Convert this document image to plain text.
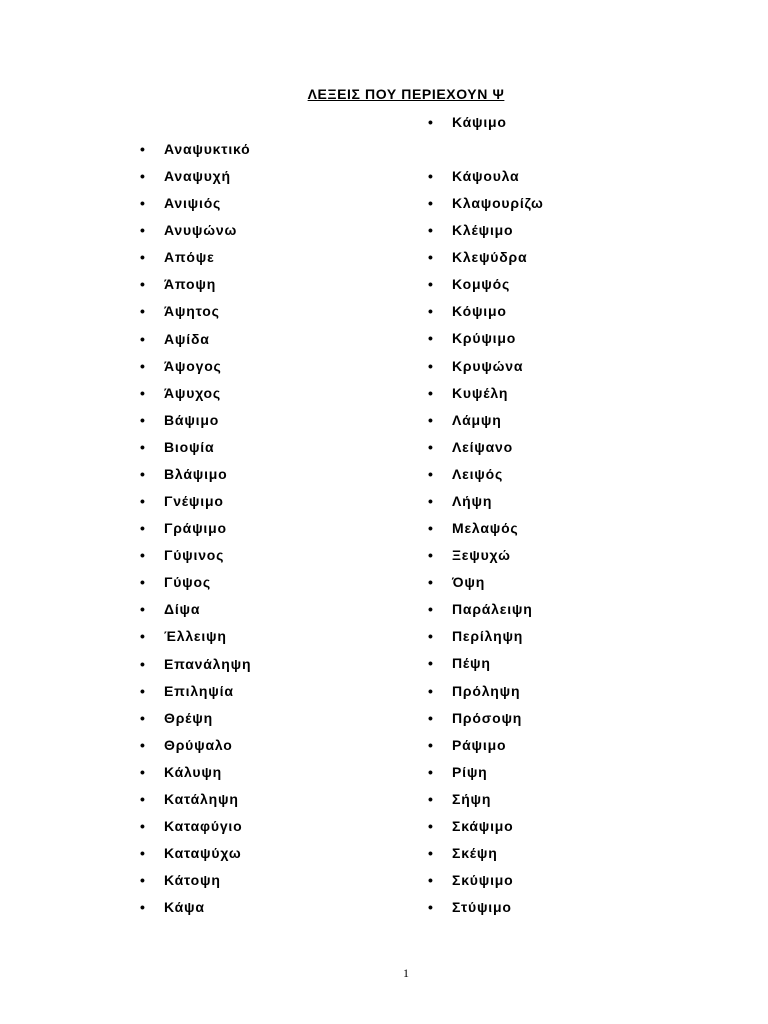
ΛΕΞΕΙΣ ΠΟΥ ΠΕΡΙΕΧΟΥΝ Ψ
• Αναψυκτικό
• Αναψυχή
• Ανιψιός
• Ανυψώνω
• Απόψε
• Άποψη
• Άψητος
• Αψίδα
• Άψογος
• Άψυχος
• Βάψιμο
• Βιοψία
• Βλάψιμο
• Γνέψιμο
• Γράψιμο
• Γύψινος
• Γύψος
• Δίψα
• Έλλειψη
• Επανάληψη
• Επιληψία
• Θρέψη
• Θρύψαλο
• Κάλυψη
• Κατάληψη
• Καταφύγιο
• Καταψύχω
• Κάτοψη
• Κάψα
• Κάψιμο
• Κάψουλα
• Κλαψουρίζω
• Κλέψιμο
• Κλεψύδρα
• Κομψός
• Κόψιμο
• Κρύψιμο
• Κρυψώνα
• Κυψέλη
• Λάμψη
• Λείψανο
• Λειψός
• Λήψη
• Μελαψός
• Ξεψυχώ
• Όψη
• Παράλειψη
• Περίληψη
• Πέψη
• Πρόληψη
• Πρόσοψη
• Ράψιμο
• Ρίψη
• Σήψη
• Σκάψιμο
• Σκέψη
• Σκύψιμο
• Στύψιμο
1
